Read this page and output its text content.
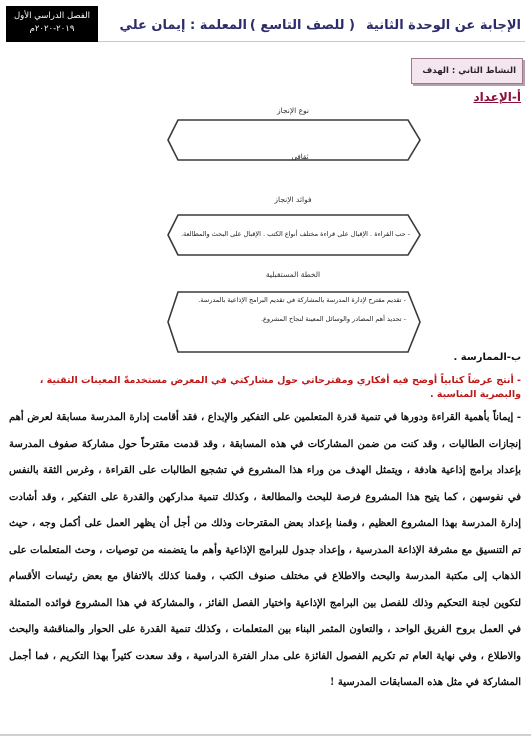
الإجابة عن الوحدة الثانية
( للصف التاسع )
المعلمة : إيمان علي
الفصل الدراسي الأول
٢٠١٩-٢٠٢٠م
النشاط الثاني : الهدف
أ-الإعداد
نوع الإنجاز
ثقافي
فوائد الإنجاز
- حب القراءة . الإقبال على قراءة مختلف أنواع الكتب . الإقبال على البحث والمطالعة.
الخطة المستقبلية
- تقديم مقترح لإدارة المدرسة بالمشاركة في تقديم البرامج الإذاعية بالمدرسة.
- تحديد أهم المصادر والوسائل المعينة لنجاح المشروع.
ب-الممارسة .
- أنتج عرضاً كتابياً أوضح فيه أفكاري ومقترحاتي حول مشاركتي في المعرض مستخدمةً المعينات التقنية ، والبصرية المناسبة .
- إيماناً بأهمية القراءة ودورها في تنمية قدرة المتعلمين على التفكير والإبداع ، فقد أقامت إدارة المدرسة مسابقة لعرض أهم إنجازات الطالبات ، وقد كنت من ضمن المشاركات في هذه المسابقة ، وقد قدمت مقترحاً حول مشاركة صفوف المدرسة بإعداد برامج إذاعية هادفة ، ويتمثل الهدف من وراء هذا المشروع في تشجيع الطالبات على القراءة ، وغرس الثقة بالنفس في نفوسهن ، كما يتيح هذا المشروع فرصة للبحث والمطالعة ، وكذلك تنمية مداركهن والقدرة على التفكير ، وقد أشادت إدارة المدرسة بهذا المشروع العظيم ، وقمنا بإعداد بعض المقترحات وذلك من أجل أن يظهر العمل على أكمل وجه ، حيث تم التنسيق مع مشرفة الإذاعة المدرسية ، وإعداد جدول للبرامج الإذاعية وأهم ما يتضمنه من توصيات ، وحث المتعلمات على الذهاب إلى مكتبة المدرسة والبحث والاطلاع في مختلف صنوف الكتب ، وقمنا كذلك بالاتفاق مع بعض رئيسات الأقسام لتكوين لجنة التحكيم وذلك للفصل بين البرامج الإذاعية واختيار الفصل الفائز ، والمشاركة في هذا المشروع فوائده المتمثلة في العمل بروح الفريق الواحد ، والتعاون المثمر البناء بين المتعلمات ، وكذلك تنمية القدرة على الحوار والمناقشة والبحث والاطلاع ، وفي نهاية العام تم تكريم الفصول الفائزة على مدار الفترة الدراسية ، وقد سعدت كثيراً بهذا التكريم ، فما أجمل المشاركة في مثل هذه المسابقات المدرسية !
